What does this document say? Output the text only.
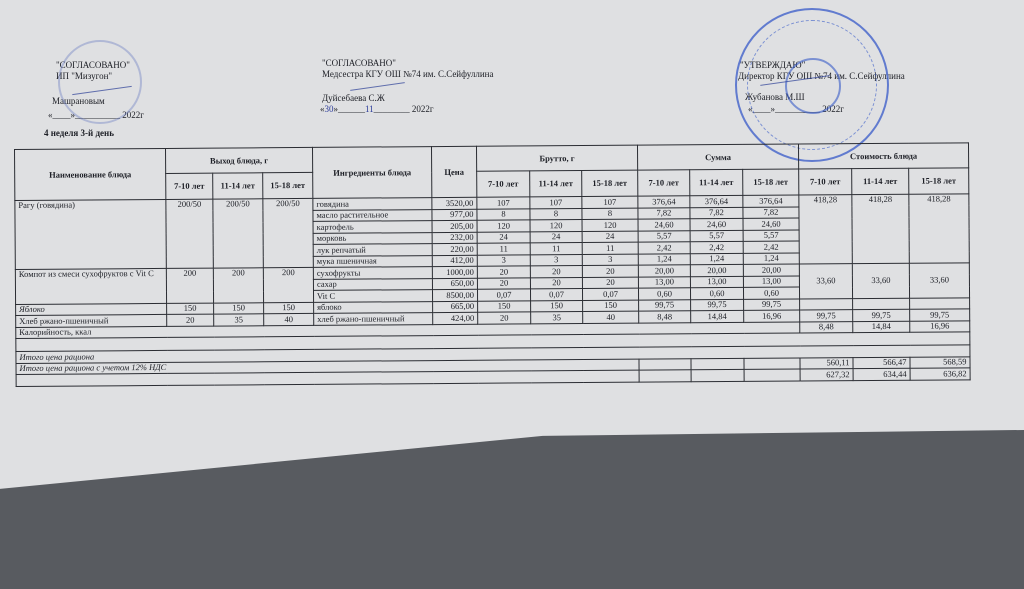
"СОГЛАСОВАНО"
ИП "Мизугон"
Машрановым
«____»__________ 2022г
4 неделя 3-й день
"СОГЛАСОВАНО"
Медсестра КГУ ОШ №74 им. С.Сейфуллина
Дуйсебаева С.Ж
«30»______11________ 2022г
"УТВЕРЖДАЮ"
Директор КГУ ОШ №74 им. С.Сейфуллина
Жубанова М.Ш
«____»__________ 2022г
Наименование блюда	Выход блюда, г			Ингредиенты блюда	Цена	Брутто, г			Сумма			Стоимость блюда		
	7-10 лет	11-14 лет	15-18 лет			7-10 лет	11-14 лет	15-18 лет	7-10 лет	11-14 лет	15-18 лет	7-10 лет	11-14 лет	15-18 лет
Рагу (говядина)	200/50	200/50	200/50	говядина	3520,00	107	107	107	376,64	376,64	376,64	418,28	418,28	418,28
				масло растительное	977,00	8	8	8	7,82	7,82	7,82			
				картофель	205,00	120	120	120	24,60	24,60	24,60			
				морковь	232,00	24	24	24	5,57	5,57	5,57			
				лук репчатый	220,00	11	11	11	2,42	2,42	2,42			
				мука пшеничная	412,00	3	3	3	1,24	1,24	1,24			
Компот из смеси сухофруктов с Vit C	200	200	200	сухофрукты	1000,00	20	20	20	20,00	20,00	20,00	33,60	33,60	33,60
				сахар	650,00	20	20	20	13,00	13,00	13,00			
				Vit C	8500,00	0,07	0,07	0,07	0,60	0,60	0,60			
Яблоко	150	150	150	яблоко	665,00	150	150	150	99,75	99,75	99,75			
Хлеб ржано-пшеничный	20	35	40	хлеб ржано-пшеничный	424,00	20	35	40	8,48	14,84	16,96	99,75	99,75	99,75
Калорийность, ккал												8,48	14,84	16,96

Итого цена рациона														
Итого цена рациона с учетом 12% НДС												560,11	566,47	568,59
												627,32	634,44	636,82
